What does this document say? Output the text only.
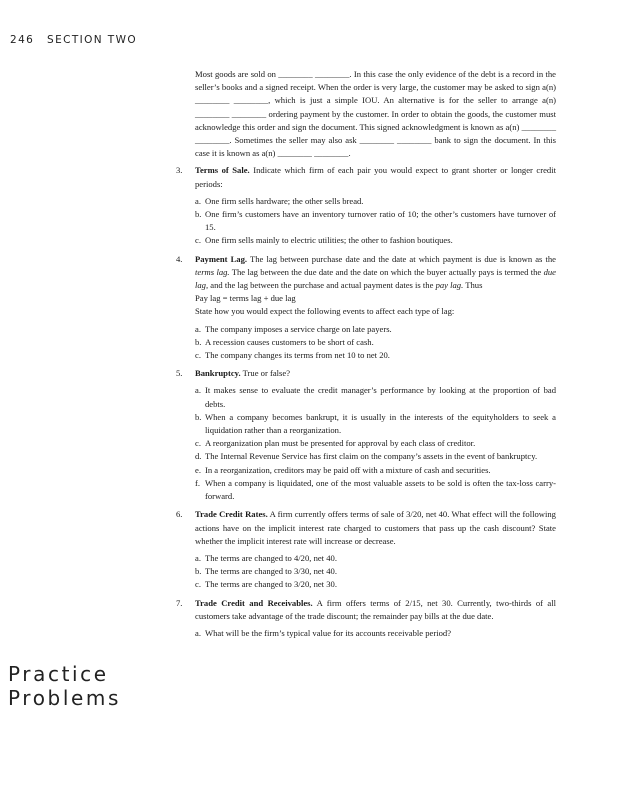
246 SECTION TWO

Most goods are sold on ________ ________. In this case the only evidence of the debt is a record in the seller’s books and a signed receipt. When the order is very large, the customer may be asked to sign a(n) ________ ________, which is just a simple IOU. An alternative is for the seller to arrange a(n) ________ ________ ordering payment by the customer. In order to obtain the goods, the customer must acknowledge this order and sign the document. This signed acknowledgment is known as a(n) ________ ________. Sometimes the seller may also ask ________ ________ bank to sign the document. In this case it is known as a(n) ________ ________.

3. Terms of Sale. Indicate which firm of each pair you would expect to grant shorter or longer credit periods:

a. One firm sells hardware; the other sells bread.
b. One firm’s customers have an inventory turnover ratio of 10; the other’s customers have turnover of 15.
c. One firm sells mainly to electric utilities; the other to fashion boutiques.
4. Payment Lag. The lag between purchase date and the date at which payment is due is known as the terms lag. The lag between the due date and the date on which the buyer actually pays is termed the due lag, and the lag between the purchase and actual payment dates is the pay lag. Thus

Pay lag = terms lag + due lag

State how you would expect the following events to affect each type of lag:

a. The company imposes a service charge on late payers.
b. A recession causes customers to be short of cash.
c. The company changes its terms from net 10 to net 20.
5. Bankruptcy. True or false?

a. It makes sense to evaluate the credit manager’s performance by looking at the proportion of bad debts.
b. When a company becomes bankrupt, it is usually in the interests of the equityholders to seek a liquidation rather than a reorganization.
c. A reorganization plan must be presented for approval by each class of creditor.
d. The Internal Revenue Service has first claim on the company’s assets in the event of bankruptcy.
e. In a reorganization, creditors may be paid off with a mixture of cash and securities.
f. When a company is liquidated, one of the most valuable assets to be sold is often the tax-loss carry-forward.
6. Trade Credit Rates. A firm currently offers terms of sale of 3/20, net 40. What effect will the following actions have on the implicit interest rate charged to customers that pass up the cash discount? State whether the implicit interest rate will increase or decrease.

a. The terms are changed to 4/20, net 40.
b. The terms are changed to 3/30, net 40.
c. The terms are changed to 3/20, net 30.
7. Trade Credit and Receivables. A firm offers terms of 2/15, net 30. Currently, two-thirds of all customers take advantage of the trade discount; the remainder pay bills at the due date.

a. What will be the firm’s typical value for its accounts receivable period?
Practice
Problems
